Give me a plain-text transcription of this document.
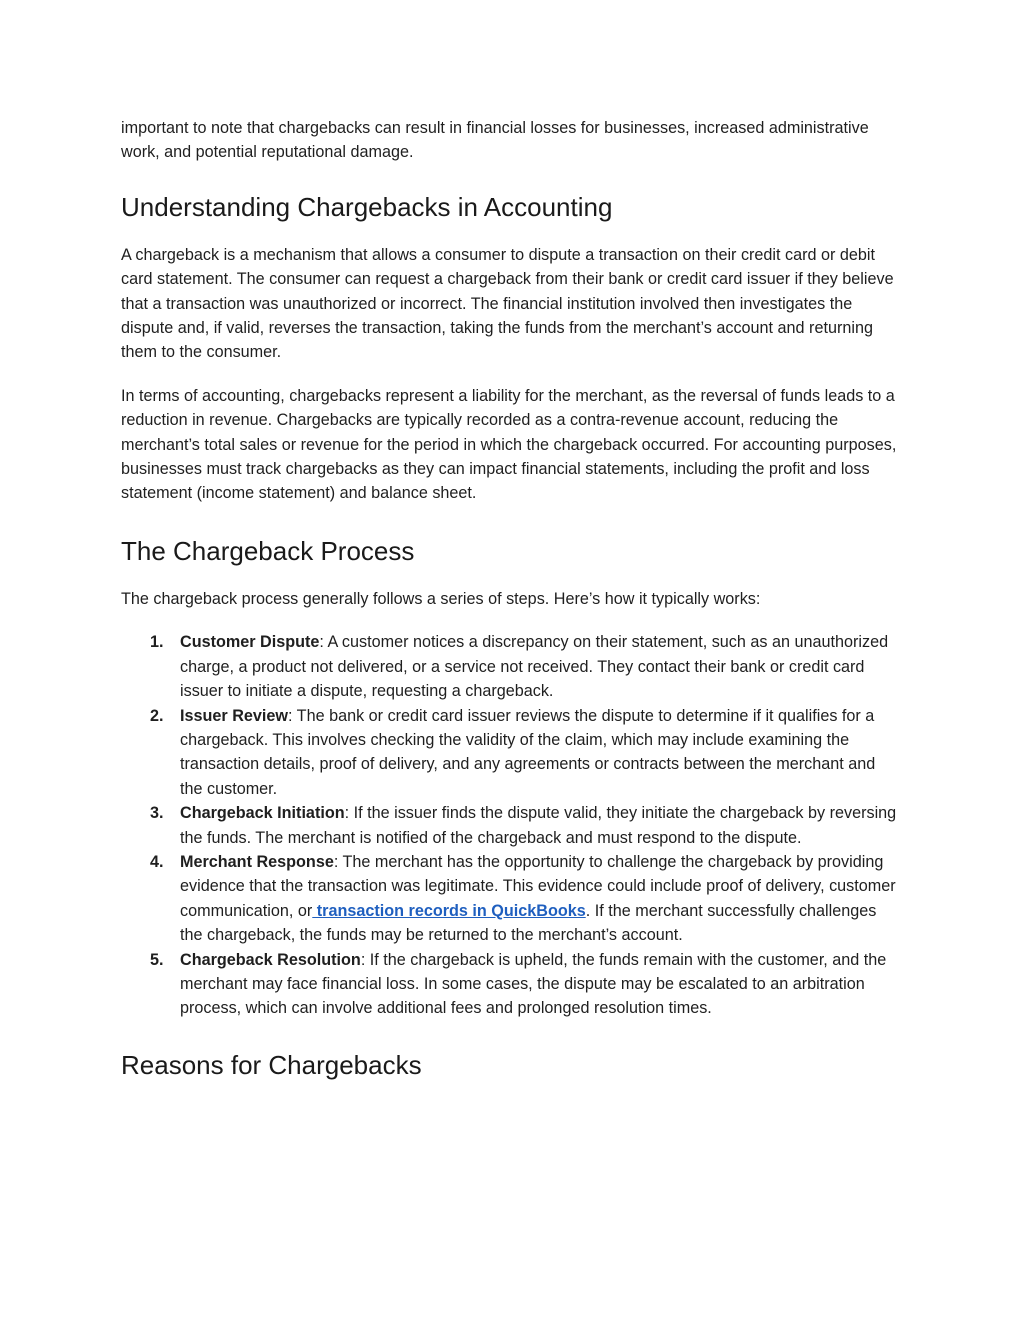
important to note that chargebacks can result in financial losses for businesses, increased administrative work, and potential reputational damage.

Understanding Chargebacks in Accounting

A chargeback is a mechanism that allows a consumer to dispute a transaction on their credit card or debit card statement. The consumer can request a chargeback from their bank or credit card issuer if they believe that a transaction was unauthorized or incorrect. The financial institution involved then investigates the dispute and, if valid, reverses the transaction, taking the funds from the merchant’s account and returning them to the consumer.

In terms of accounting, chargebacks represent a liability for the merchant, as the reversal of funds leads to a reduction in revenue. Chargebacks are typically recorded as a contra-revenue account, reducing the merchant’s total sales or revenue for the period in which the chargeback occurred. For accounting purposes, businesses must track chargebacks as they can impact financial statements, including the profit and loss statement (income statement) and balance sheet.

The Chargeback Process

The chargeback process generally follows a series of steps. Here’s how it typically works:

1. Customer Dispute: A customer notices a discrepancy on their statement, such as an unauthorized charge, a product not delivered, or a service not received. They contact their bank or credit card issuer to initiate a dispute, requesting a chargeback.
2. Issuer Review: The bank or credit card issuer reviews the dispute to determine if it qualifies for a chargeback. This involves checking the validity of the claim, which may include examining the transaction details, proof of delivery, and any agreements or contracts between the merchant and the customer.
3. Chargeback Initiation: If the issuer finds the dispute valid, they initiate the chargeback by reversing the funds. The merchant is notified of the chargeback and must respond to the dispute.
4. Merchant Response: The merchant has the opportunity to challenge the chargeback by providing evidence that the transaction was legitimate. This evidence could include proof of delivery, customer communication, or transaction records in QuickBooks. If the merchant successfully challenges the chargeback, the funds may be returned to the merchant’s account.
5. Chargeback Resolution: If the chargeback is upheld, the funds remain with the customer, and the merchant may face financial loss. In some cases, the dispute may be escalated to an arbitration process, which can involve additional fees and prolonged resolution times.
Reasons for Chargebacks
